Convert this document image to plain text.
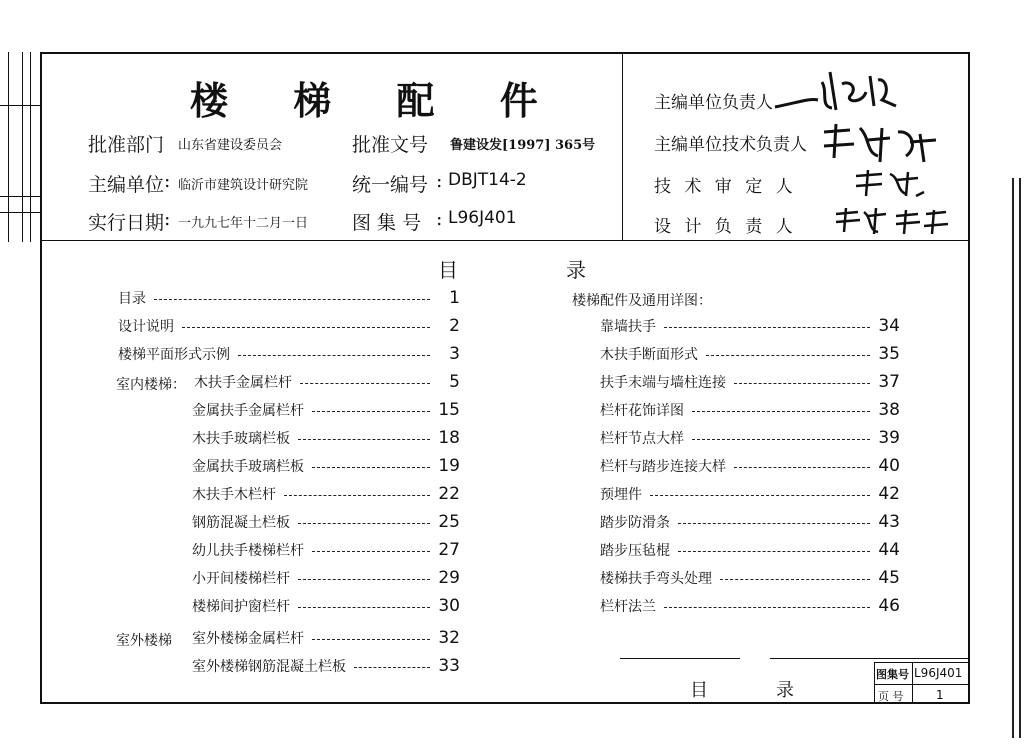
楼 梯 配 件
批准部门 山东省建设委员会	批准文号 鲁建设发[1997] 365号
主编单位 : 临沂市建筑设计研究院 统一编号 : DBJT14-2
实行日期 : 一九九七年十二月一日 图 集 号 : L96J401
主编单位负责人
主编单位技术负责人
技 术 审 定 人
设 计 负 责 人
目	录
目录	1
设计说明	2
楼梯平面形式示例	3
木扶手金属栏杆	5
金属扶手金属栏杆	15
木扶手玻璃栏板	18
金属扶手玻璃栏板	19
木扶手木栏杆	22
钢筋混凝土栏板	25
幼儿扶手楼梯栏杆	27
小开间楼梯栏杆	29
楼梯间护窗栏杆	30
室外楼梯金属栏杆	32
室外楼梯钢筋混凝土栏板	33
室内楼梯：
室外楼梯
楼梯配件及通用详图：
靠墙扶手	34
木扶手断面形式	35
扶手末端与墙柱连接	37
栏杆花饰详图	38
栏杆节点大样	39
栏杆与踏步连接大样	40
预埋件	42
踏步防滑条	43
踏步压毡棍	44
楼梯扶手弯头处理	45
栏杆法兰	46
目	录
图集号 L96J401
页 号	1
